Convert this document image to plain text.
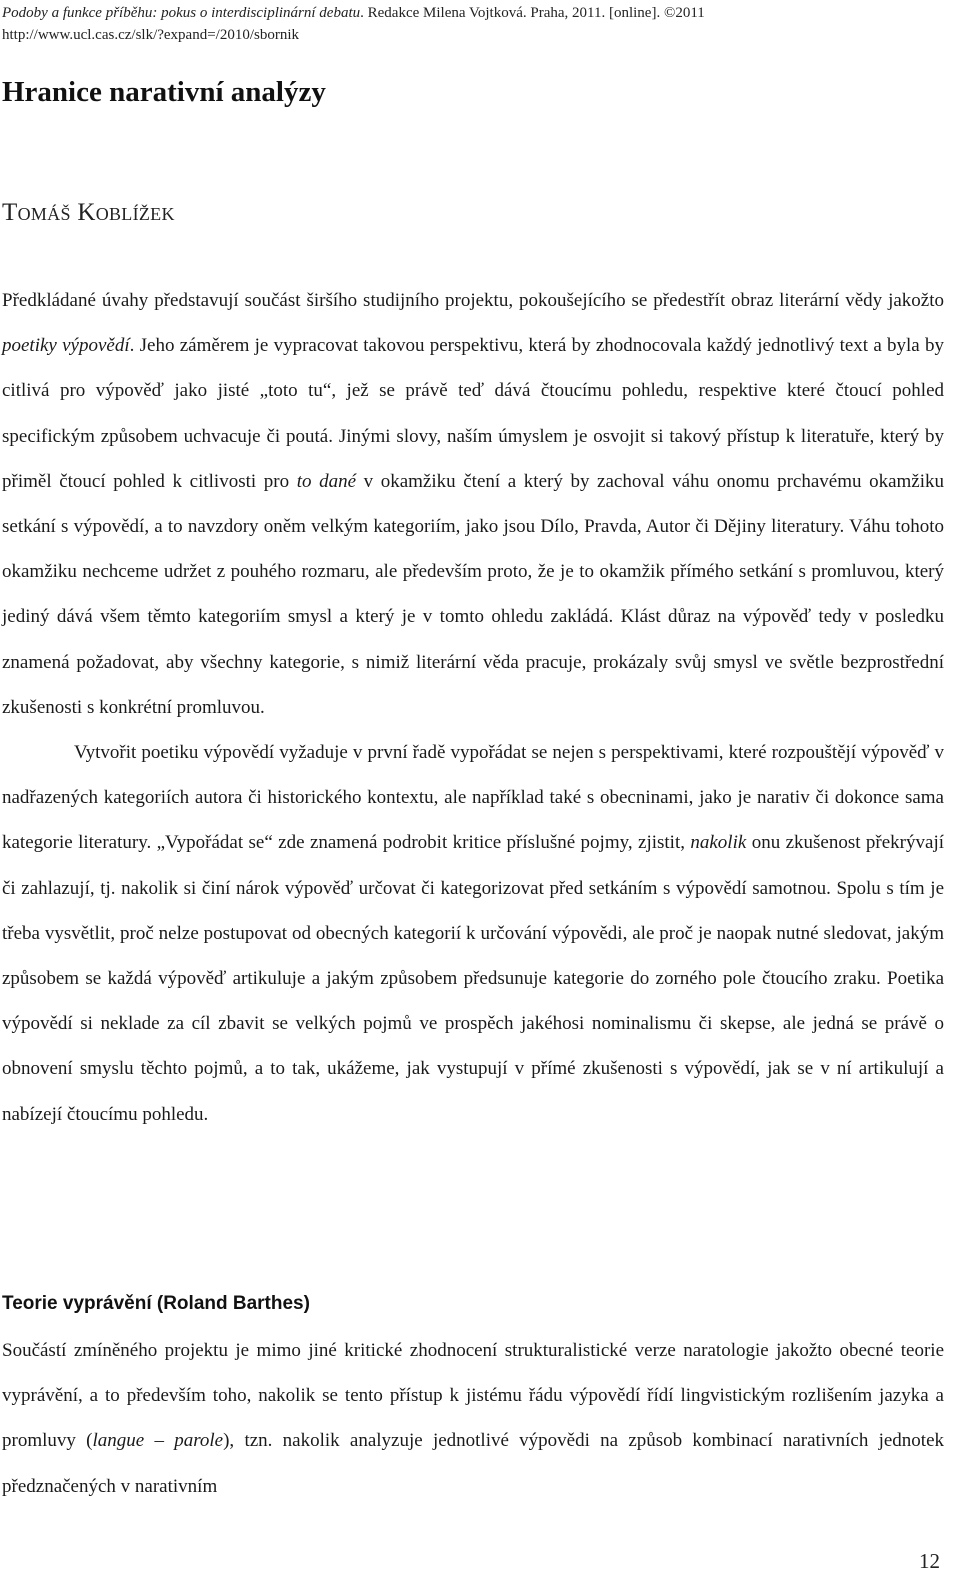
Podoby a funkce příběhu: pokus o interdisciplinární debatu. Redakce Milena Vojtková. Praha, 2011. [online]. ©2011
http://www.ucl.cas.cz/slk/?expand=/2010/sbornik
Hranice narativní analýzy
Tomáš Koblížek

Předkládané úvahy představují součást širšího studijního projektu, pokoušejícího se předestřít obraz literární vědy jakožto poetiky výpovědí. Jeho záměrem je vypracovat takovou perspektivu, která by zhodnocovala každý jednotlivý text a byla by citlivá pro výpověď jako jisté „toto tu“, jež se právě teď dává čtoucímu pohledu, respektive které čtoucí pohled specifickým způsobem uchvacuje či poutá. Jinými slovy, naším úmyslem je osvojit si takový přístup k literatuře, který by přiměl čtoucí pohled k citlivosti pro to dané v okamžiku čtení a který by zachoval váhu onomu prchavému okamžiku setkání s výpovědí, a to navzdory oněm velkým kategoriím, jako jsou Dílo, Pravda, Autor či Dějiny literatury. Váhu tohoto okamžiku nechceme udržet z pouhého rozmaru, ale především proto, že je to okamžik přímého setkání s promluvou, který jediný dává všem těmto kategoriím smysl a který je v tomto ohledu zakládá. Klást důraz na výpověď tedy v posledku znamená požadovat, aby všechny kategorie, s nimiž literární věda pracuje, prokázaly svůj smysl ve světle bezprostřední zkušenosti s konkrétní promluvou.

Vytvořit poetiku výpovědí vyžaduje v první řadě vypořádat se nejen s perspektivami, které rozpouštějí výpověď v nadřazených kategoriích autora či historického kontextu, ale například také s obecninami, jako je narativ či dokonce sama kategorie literatury. „Vypořádat se“ zde znamená podrobit kritice příslušné pojmy, zjistit, nakolik onu zkušenost překrývají či zahlazují, tj. nakolik si činí nárok výpověď určovat či kategorizovat před setkáním s výpovědí samotnou. Spolu s tím je třeba vysvětlit, proč nelze postupovat od obecných kategorií k určování výpovědi, ale proč je naopak nutné sledovat, jakým způsobem se každá výpověď artikuluje a jakým způsobem předsunuje kategorie do zorného pole čtoucího zraku. Poetika výpovědí si neklade za cíl zbavit se velkých pojmů ve prospěch jakéhosi nominalismu či skepse, ale jedná se právě o obnovení smyslu těchto pojmů, a to tak, ukážeme, jak vystupují v přímé zkušenosti s výpovědí, jak se v ní artikulují a nabízejí čtoucímu pohledu.

Teorie vyprávění (Roland Barthes)

Součástí zmíněného projektu je mimo jiné kritické zhodnocení strukturalistické verze naratologie jakožto obecné teorie vyprávění, a to především toho, nakolik se tento přístup k jistému řádu výpovědí řídí lingvistickým rozlišením jazyka a promluvy (langue – parole), tzn. nakolik analyzuje jednotlivé výpovědi na způsob kombinací narativních jednotek předznačených v narativním

12
